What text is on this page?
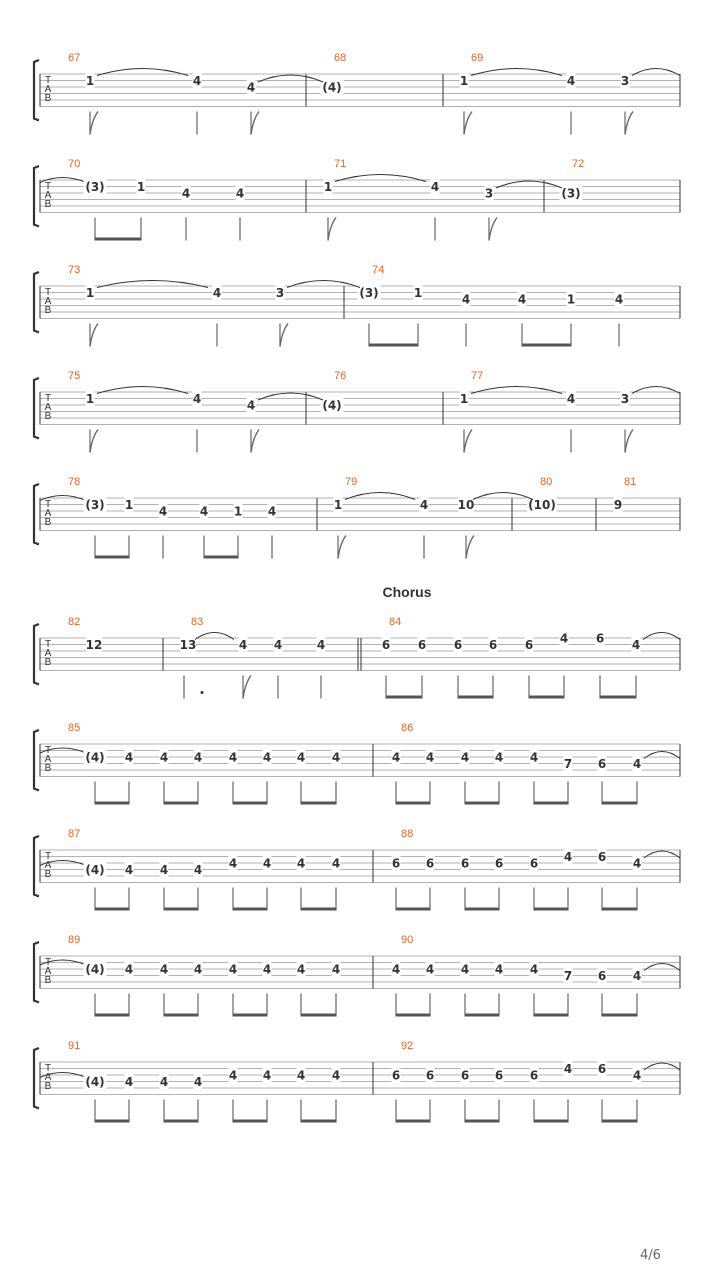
T
A
B
67
1	4	4
68
(4)
69
1	4	3
T
A
B
70
(3)	1	4	4
71
1	4	3
72
(3)
T
A
B
73
1	4	3
74
(3)	1	4	4	1	4
T
A
B
75
1	4	4
76
(4)
77
1	4	3
T
A
B
78
(3) 1 4	4 1 4
79
1	4 10
80
(10)
81
9
T
A
B
Chorus
82
12
83
13	4 4	4
84
6 6 6 6 6 4 6 4
T
A
B
85
(4) 4 4 4 4 4 4 4
86
4 4 4 4 4 7 6 4
T
A
B
87
(4) 4 4 4 4 4 4 4
88
6 6 6 6 6 4 6 4
T
A
B
89
(4) 4 4 4 4 4 4 4
90
4 4 4 4 4 7 6 4
T
A
B
91
(4) 4 4 4 4 4 4 4
92
6 6 6 6 6 4 6 4
4/6
